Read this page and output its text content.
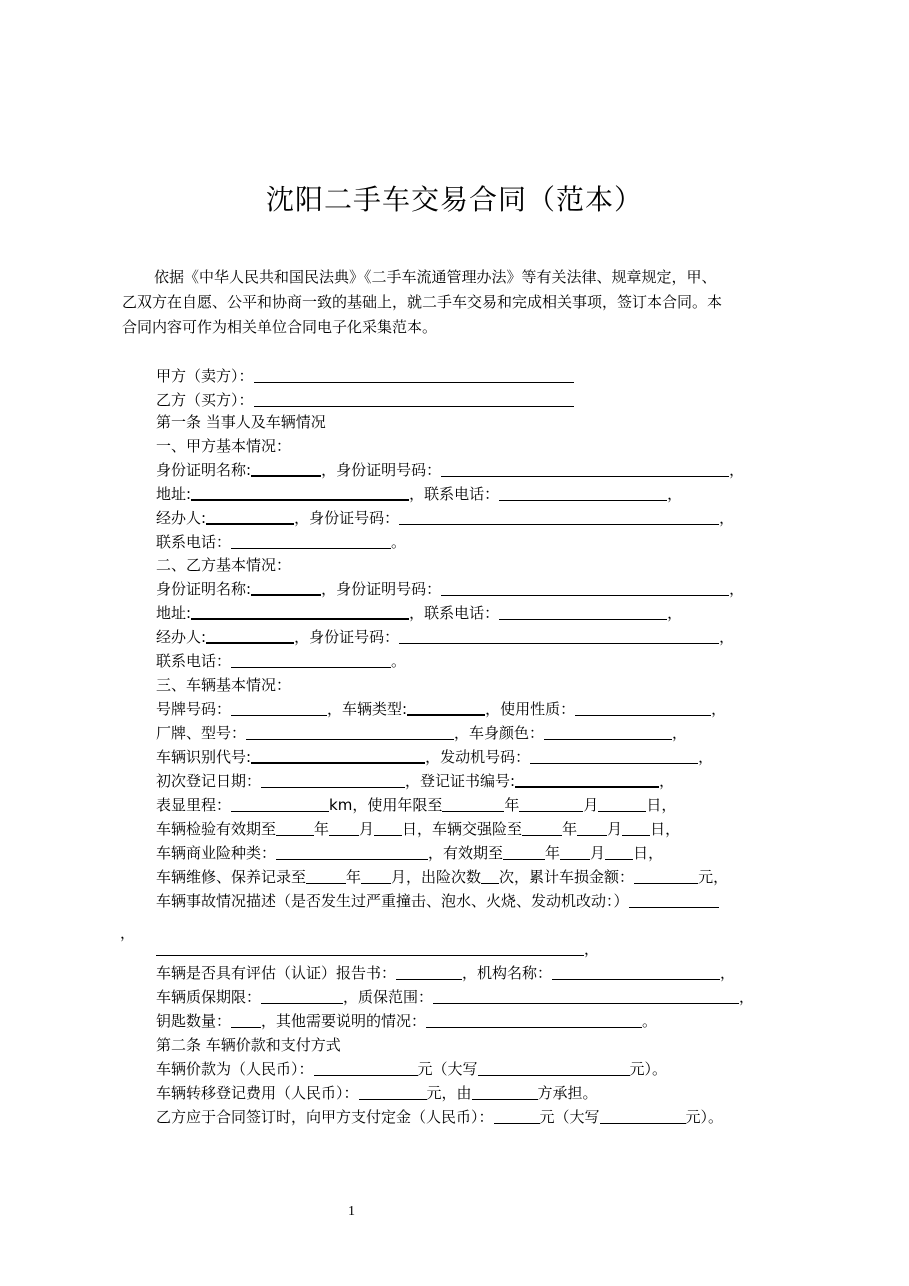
沈阳二手车交易合同（范本）
依据《中华人民共和国民法典》《二手车流通管理办法》等有关法律、规章规定，甲、
乙双方在自愿、公平和协商一致的基础上，就二手车交易和完成相关事项，签订本合同。本
合同内容可作为相关单位合同电子化采集范本。
甲方（卖方）：
乙方（买方）：
第一条 当事人及车辆情况
一、甲方基本情况：
身份证明名称:	，身份证明号码：	，
地址:	，联系电话：	，
经办人:	，身份证号码：	，
联系电话：	。
二、乙方基本情况：
身份证明名称:	，身份证明号码：	，
地址:	，联系电话：	，
经办人:	，身份证号码：	，
联系电话：	。
三、车辆基本情况：
号牌号码：	，车辆类型:	，使用性质：	，
厂牌、型号：	，车身颜色：	，
车辆识别代号:	，发动机号码：	，
初次登记日期：	，登记证书编号:	，
表显里程：	km，使用年限至	年	月	日，
车辆检验有效期至	年 月 日，车辆交强险至	年 月 日，
车辆商业险种类：	，有效期至	年 月 日，
车辆维修、保养记录至	年 月，出险次数 次，累计车损金额：	元，
车辆事故情况描述（是否发生过严重撞击、泡水、火烧、发动机改动：）
，
车辆是否具有评估（认证）报告书：	，机构名称：	，
车辆质保期限：	，质保范围：	，
钥匙数量： ，其他需要说明的情况：	。
第二条 车辆价款和支付方式
车辆价款为（人民币）：	元（大写	元）。
车辆转移登记费用（人民币）：	元，由	方承担。
乙方应于合同签订时，向甲方支付定金（人民币）：	元（大写	元）。
，
1
